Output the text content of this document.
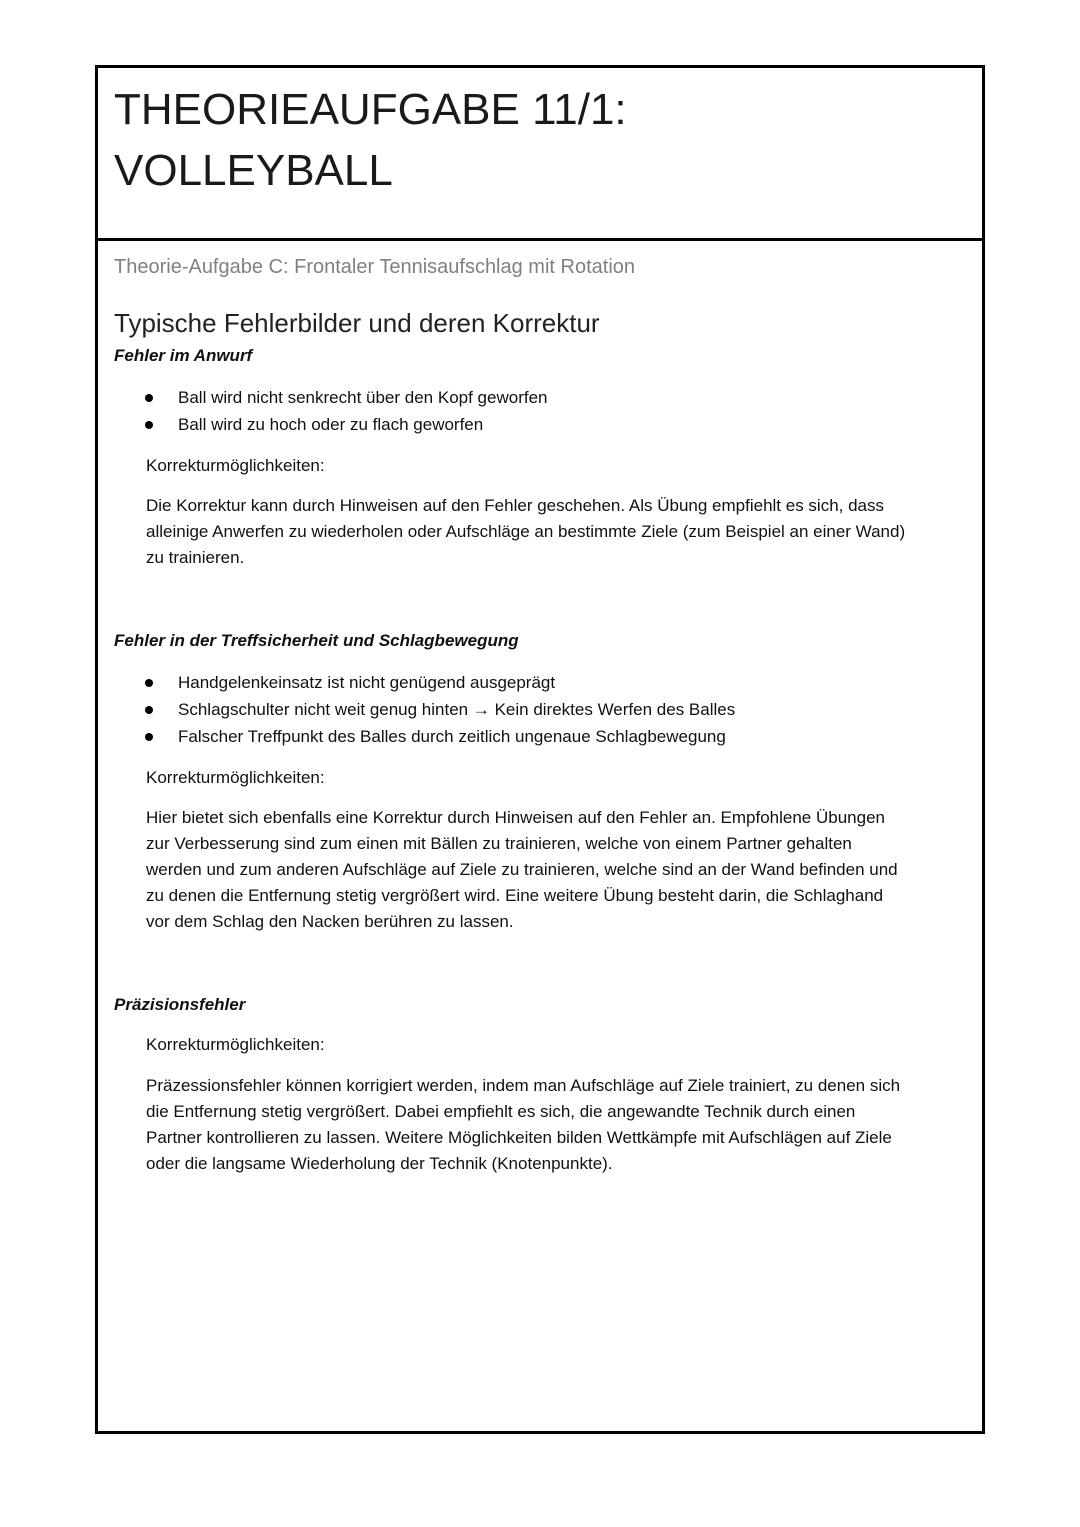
THEORIEAUFGABE 11/1:
VOLLEYBALL
Theorie-Aufgabe C: Frontaler Tennisaufschlag mit Rotation
Typische Fehlerbilder und deren Korrektur
Fehler im Anwurf
Ball wird nicht senkrecht über den Kopf geworfen
Ball wird zu hoch oder zu flach geworfen
Korrekturmöglichkeiten:
Die Korrektur kann durch Hinweisen auf den Fehler geschehen. Als Übung empfiehlt es sich, dass
alleinige Anwerfen zu wiederholen oder Aufschläge an bestimmte Ziele (zum Beispiel an einer Wand)
zu trainieren.
Fehler in der Treffsicherheit und Schlagbewegung
Handgelenkeinsatz ist nicht genügend ausgeprägt
Schlagschulter nicht weit genug hinten → Kein direktes Werfen des Balles
Falscher Treffpunkt des Balles durch zeitlich ungenaue Schlagbewegung
Korrekturmöglichkeiten:
Hier bietet sich ebenfalls eine Korrektur durch Hinweisen auf den Fehler an. Empfohlene Übungen
zur Verbesserung sind zum einen mit Bällen zu trainieren, welche von einem Partner gehalten
werden und zum anderen Aufschläge auf Ziele zu trainieren, welche sind an der Wand befinden und
zu denen die Entfernung stetig vergrößert wird. Eine weitere Übung besteht darin, die Schlaghand
vor dem Schlag den Nacken berühren zu lassen.
Präzisionsfehler
Korrekturmöglichkeiten:
Präzessionsfehler können korrigiert werden, indem man Aufschläge auf Ziele trainiert, zu denen sich
die Entfernung stetig vergrößert. Dabei empfiehlt es sich, die angewandte Technik durch einen
Partner kontrollieren zu lassen. Weitere Möglichkeiten bilden Wettkämpfe mit Aufschlägen auf Ziele
oder die langsame Wiederholung der Technik (Knotenpunkte).
